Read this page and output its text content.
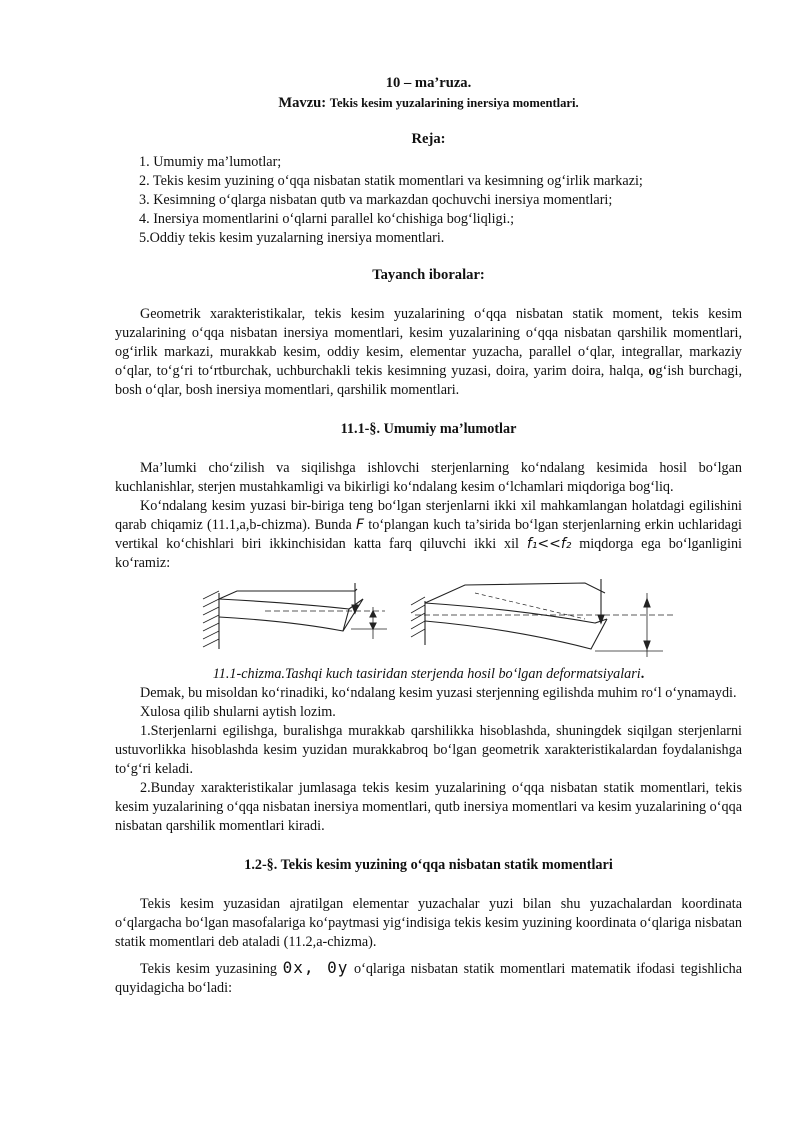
10 – ma’ruza.
Mavzu: Tekis kesim yuzalarining inersiya momentlari.
Reja:
1. Umumiy ma’lumotlar;
2. Tekis kesim yuzining o‘qqa nisbatan statik momentlari va kesimning og‘irlik markazi;
3. Kesimning o‘qlarga nisbatan qutb va markazdan qochuvchi inersiya momentlari;
4. Inersiya momentlarini o‘qlarni parallel ko‘chishiga bog‘liqligi.;
5.Oddiy tekis kesim yuzalarning inersiya momentlari.
Tayanch iboralar:

Geometrik xarakteristikalar, tekis kesim yuzalarining o‘qqa nisbatan statik moment, tekis kesim yuzalarining o‘qqa nisbatan inersiya momentlari, kesim yuzalarining o‘qqa nisbatan qarshilik momentlari, og‘irlik markazi, murakkab kesim, oddiy kesim, elementar yuzacha, parallel o‘qlar, integrallar, markaziy o‘qlar, to‘g‘ri to‘rtburchak, uchburchakli tekis kesimning yuzasi, doira, yarim doira, halqa, og‘ish burchagi, bosh o‘qlar, bosh inersiya momentlari, qarshilik momentlari.

11.1-§. Umumiy ma’lumotlar

Ma’lumki cho‘zilish va siqilishga ishlovchi sterjenlarning ko‘ndalang kesimida hosil bo‘lgan kuchlanishlar, sterjen mustahkamligi va bikirligi ko‘ndalang kesim o‘lchamlari miqdoriga bog‘liq.

Ko‘ndalang kesim yuzasi bir-biriga teng bo‘lgan sterjenlarni ikki xil mahkamlangan holatdagi egilishini qarab chiqamiz (11.1,a,b-chizma). Bunda F to‘plangan kuch ta’sirida bo‘lgan sterjenlarning erkin uchlaridagi vertikal ko‘chishlari biri ikkinchisidan katta farq qiluvchi ikki xil f₁<<f₂ miqdorga ega bo‘lganligini ko‘ramiz:

11.1-chizma.Tashqi kuch tasiridan sterjenda hosil bo‘lgan deformatsiyalari.

Demak, bu misoldan ko‘rinadiki, ko‘ndalang kesim yuzasi sterjenning egilishda muhim ro‘l o‘ynamaydi.

Xulosa qilib shularni aytish lozim.

1.Sterjenlarni egilishga, buralishga murakkab qarshilikka hisoblashda, shuningdek siqilgan sterjenlarni ustuvorlikka hisoblashda kesim yuzidan murakkabroq bo‘lgan geometrik xarakteristikalardan foydalanishga to‘g‘ri keladi.

2.Bunday xarakteristikalar jumlasaga tekis kesim yuzalarining o‘qqa nisbatan statik momentlari, tekis kesim yuzalarining o‘qqa nisbatan inersiya momentlari, qutb inersiya momentlari va kesim yuzalarining o‘qqa nisbatan qarshilik momentlari kiradi.

1.2-§. Tekis kesim yuzining o‘qqa nisbatan statik momentlari

Tekis kesim yuzasidan ajratilgan elementar yuzachalar yuzi bilan shu yuzachalardan koordinata o‘qlargacha bo‘lgan masofalariga ko‘paytmasi yig‘indisiga tekis kesim yuzining koordinata o‘qlariga nisbatan statik momentlari deb ataladi (11.2,a-chizma).

Tekis kesim yuzasining 0x, 0y o‘qlariga nisbatan statik momentlari matematik ifodasi tegishlicha quyidagicha bo‘ladi:
